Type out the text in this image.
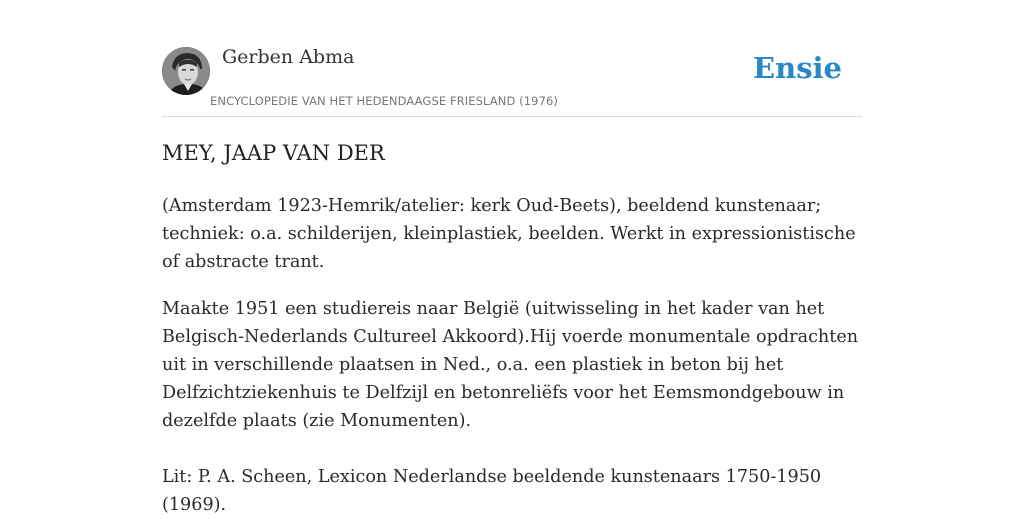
Gerben Abma
ENCYCLOPEDIE VAN HET HEDENDAAGSE FRIESLAND (1976)
Ensie
MEY, JAAP VAN DER

(Amsterdam 1923-Hemrik/atelier: kerk Oud-Beets), beeldend kunstenaar; techniek: o.a. schilderijen, kleinplastiek, beelden. Werkt in expressionistische of abstracte trant.

Maakte 1951 een studiereis naar België (uitwisseling in het kader van het Belgisch-Nederlands Cultureel Akkoord).Hij voerde monumentale opdrachten uit in verschillende plaatsen in Ned., o.a. een plastiek in beton bij het Delfzichtziekenhuis te Delfzijl en betonreliëfs voor het Eemsmondgebouw in dezelfde plaats (zie Monumenten).

Lit: P. A. Scheen, Lexicon Nederlandse beeldende kunstenaars 1750-1950 (1969).
